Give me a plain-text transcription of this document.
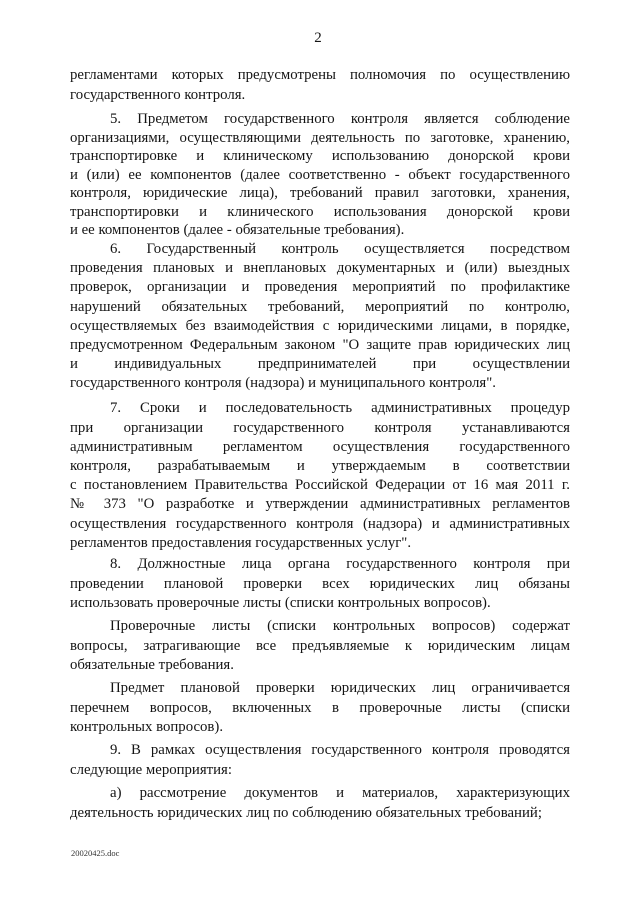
2
регламентами которых предусмотрены полномочия по осуществлению
государственного контроля.
5. Предметом государственного контроля является соблюдение
организациями, осуществляющими деятельность по заготовке, хранению,
транспортировке и клиническому использованию донорской крови
и (или) ее компонентов (далее соответственно - объект государственного
контроля, юридические лица), требований правил заготовки, хранения,
транспортировки и клинического использования донорской крови
и ее компонентов (далее - обязательные требования).
6. Государственный контроль осуществляется посредством
проведения плановых и внеплановых документарных и (или) выездных
проверок, организации и проведения мероприятий по профилактике
нарушений обязательных требований, мероприятий по контролю,
осуществляемых без взаимодействия с юридическими лицами, в порядке,
предусмотренном Федеральным законом "О защите прав юридических лиц
и индивидуальных предпринимателей при осуществлении
государственного контроля (надзора) и муниципального контроля".
7. Сроки и последовательность административных процедур
при организации государственного контроля устанавливаются
административным регламентом осуществления государственного
контроля, разрабатываемым и утверждаемым в соответствии
с постановлением Правительства Российской Федерации от 16 мая 2011 г.
№ 373 "О разработке и утверждении административных регламентов
осуществления государственного контроля (надзора) и административных
регламентов предоставления государственных услуг".
8. Должностные лица органа государственного контроля при
проведении плановой проверки всех юридических лиц обязаны
использовать проверочные листы (списки контрольных вопросов).
Проверочные листы (списки контрольных вопросов) содержат
вопросы, затрагивающие все предъявляемые к юридическим лицам
обязательные требования.
Предмет плановой проверки юридических лиц ограничивается
перечнем вопросов, включенных в проверочные листы (списки
контрольных вопросов).
9. В рамках осуществления государственного контроля проводятся
следующие мероприятия:
а) рассмотрение документов и материалов, характеризующих
деятельность юридических лиц по соблюдению обязательных требований;
20020425.doc
